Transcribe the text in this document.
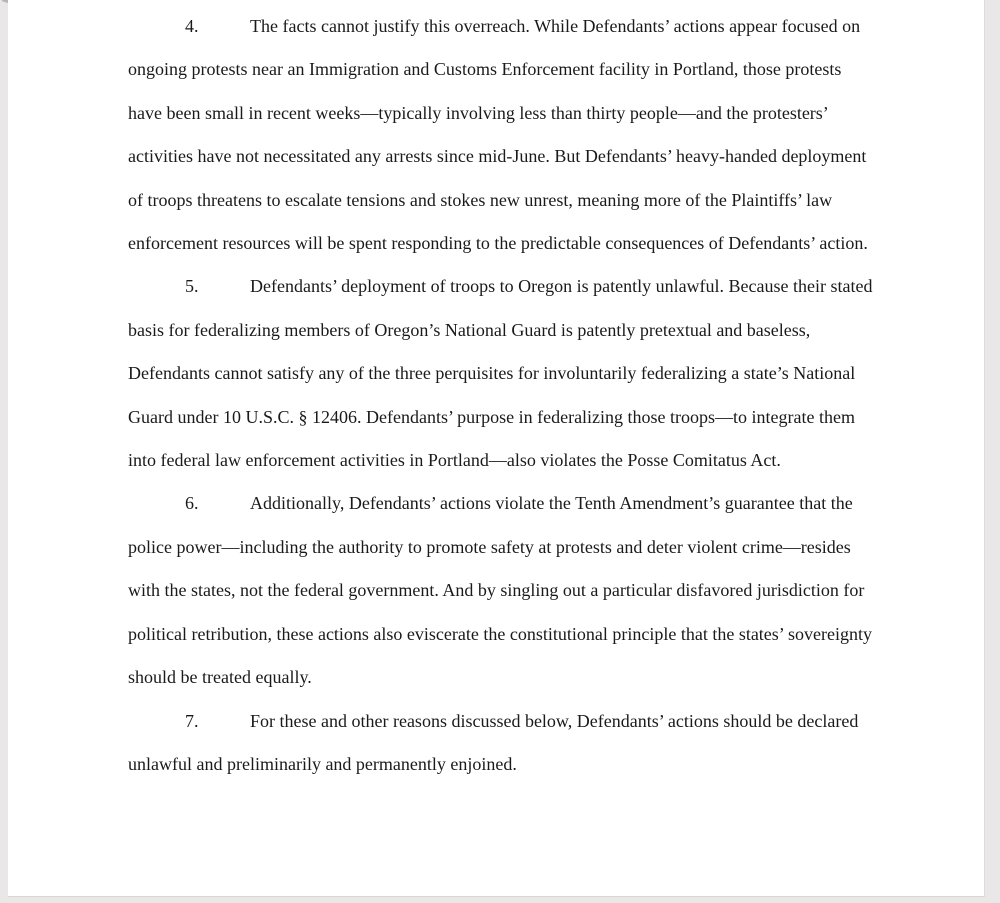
4.	The facts cannot justify this overreach. While Defendants’ actions appear focused on ongoing protests near an Immigration and Customs Enforcement facility in Portland, those protests have been small in recent weeks—typically involving less than thirty people—and the protesters’ activities have not necessitated any arrests since mid-June. But Defendants’ heavy-handed deployment of troops threatens to escalate tensions and stokes new unrest, meaning more of the Plaintiffs’ law enforcement resources will be spent responding to the predictable consequences of Defendants’ action.

5.	Defendants’ deployment of troops to Oregon is patently unlawful. Because their stated basis for federalizing members of Oregon’s National Guard is patently pretextual and baseless, Defendants cannot satisfy any of the three perquisites for involuntarily federalizing a state’s National Guard under 10 U.S.C. § 12406. Defendants’ purpose in federalizing those troops—to integrate them into federal law enforcement activities in Portland—also violates the Posse Comitatus Act.

6.	Additionally, Defendants’ actions violate the Tenth Amendment’s guarantee that the police power—including the authority to promote safety at protests and deter violent crime—resides with the states, not the federal government. And by singling out a particular disfavored jurisdiction for political retribution, these actions also eviscerate the constitutional principle that the states’ sovereignty should be treated equally.

7.	For these and other reasons discussed below, Defendants’ actions should be declared unlawful and preliminarily and permanently enjoined.
